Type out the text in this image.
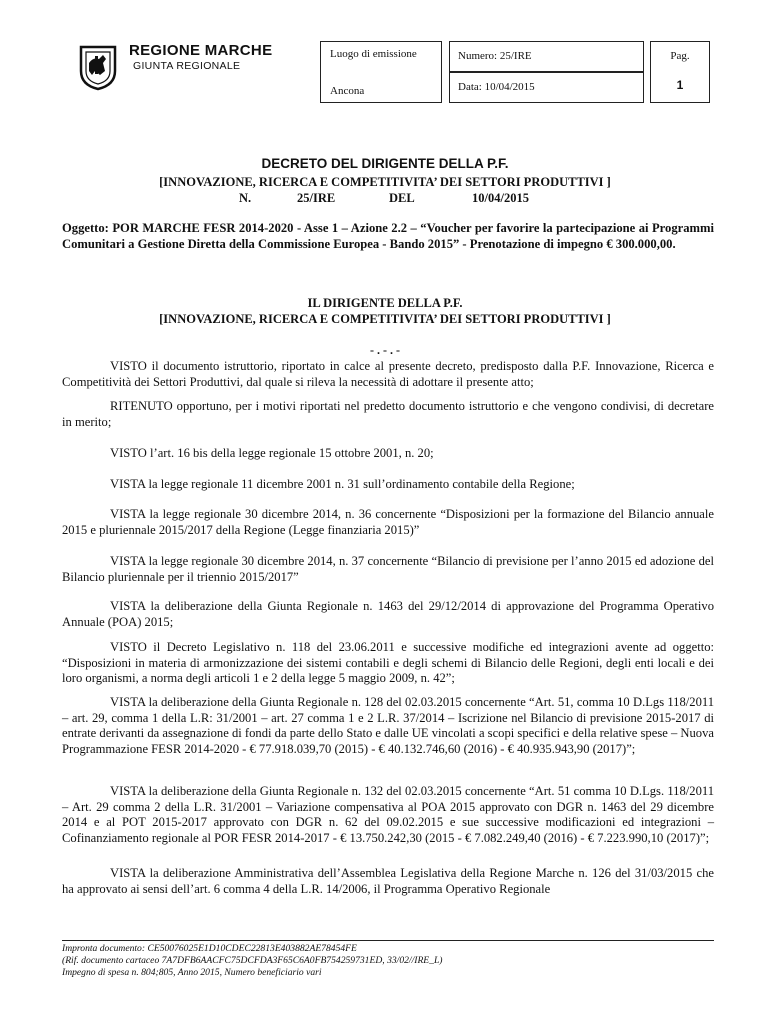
REGIONE MARCHE
GIUNTA REGIONALE
Luogo di emissione
Ancona
Numero: 25/IRE
Data: 10/04/2015
Pag.
1
DECRETO DEL DIRIGENTE DELLA P.F.
[INNOVAZIONE, RICERCA E COMPETITIVITA’ DEI SETTORI PRODUTTIVI ]
N.	25/IRE	DEL	10/04/2015
Oggetto: POR MARCHE FESR 2014-2020 - Asse 1 – Azione 2.2 – “Voucher per favorire la partecipazione ai Programmi Comunitari a Gestione Diretta della Commissione Europea - Bando 2015” - Prenotazione di impegno € 300.000,00.
IL DIRIGENTE DELLA P.F.
[INNOVAZIONE, RICERCA E COMPETITIVITA’ DEI SETTORI PRODUTTIVI ]
- . - . -
VISTO il documento istruttorio, riportato in calce al presente decreto, predisposto dalla P.F. Innovazione, Ricerca e Competitività dei Settori Produttivi, dal quale si rileva la necessità di adottare il presente atto;
RITENUTO opportuno, per i motivi riportati nel predetto documento istruttorio e che vengono condivisi, di decretare in merito;
VISTO l’art. 16 bis della legge regionale 15 ottobre 2001, n. 20;
VISTA la legge regionale 11 dicembre 2001 n. 31 sull’ordinamento contabile della Regione;
VISTA la legge regionale 30 dicembre 2014, n. 36 concernente “Disposizioni per la formazione del Bilancio annuale 2015 e pluriennale 2015/2017 della Regione (Legge finanziaria 2015)”
VISTA la legge regionale 30 dicembre 2014, n. 37 concernente “Bilancio di previsione per l’anno 2015 ed adozione del Bilancio pluriennale per il triennio 2015/2017”
VISTA la deliberazione della Giunta Regionale n. 1463 del 29/12/2014 di approvazione del Programma Operativo Annuale (POA) 2015;
VISTO il Decreto Legislativo n. 118 del 23.06.2011 e successive modifiche ed integrazioni avente ad oggetto: “Disposizioni in materia di armonizzazione dei sistemi contabili e degli schemi di Bilancio delle Regioni, degli enti locali e dei loro organismi, a norma degli articoli 1 e 2 della legge 5 maggio 2009, n. 42”;
VISTA la deliberazione della Giunta Regionale n. 128 del 02.03.2015 concernente “Art. 51, comma 10 D.Lgs 118/2011 – art. 29, comma 1 della L.R: 31/2001 – art. 27 comma 1 e 2 L.R. 37/2014 – Iscrizione nel Bilancio di previsione 2015-2017 di entrate derivanti da assegnazione di fondi da parte dello Stato e dalle UE vincolati a scopi specifici e della relative spese – Nuova Programmazione FESR 2014-2020 - € 77.918.039,70 (2015) - € 40.132.746,60 (2016) - € 40.935.943,90 (2017)”;
VISTA la deliberazione della Giunta Regionale n. 132 del 02.03.2015 concernente “Art. 51 comma 10 D.Lgs. 118/2011 – Art. 29 comma 2 della L.R. 31/2001 – Variazione compensativa al POA 2015 approvato con DGR n. 1463 del 29 dicembre 2014 e al POT 2015-2017 approvato con DGR n. 62 del 09.02.2015 e sue successive modificazioni ed integrazioni – Cofinanziamento regionale al POR FESR 2014-2017 - € 13.750.242,30 (2015 - € 7.082.249,40 (2016) - € 7.223.990,10 (2017)”;
VISTA la deliberazione Amministrativa dell’Assemblea Legislativa della Regione Marche n. 126 del 31/03/2015 che ha approvato ai sensi dell’art. 6 comma 4 della L.R. 14/2006, il Programma Operativo Regionale
Impronta documento: CE50076025E1D10CDEC22813E403882AE78454FE
(Rif. documento cartaceo 7A7DFB6AACFC75DCFDA3F65C6A0FB754259731ED, 33/02//IRE_L)
Impegno di spesa n. 804;805, Anno 2015, Numero beneficiario vari
